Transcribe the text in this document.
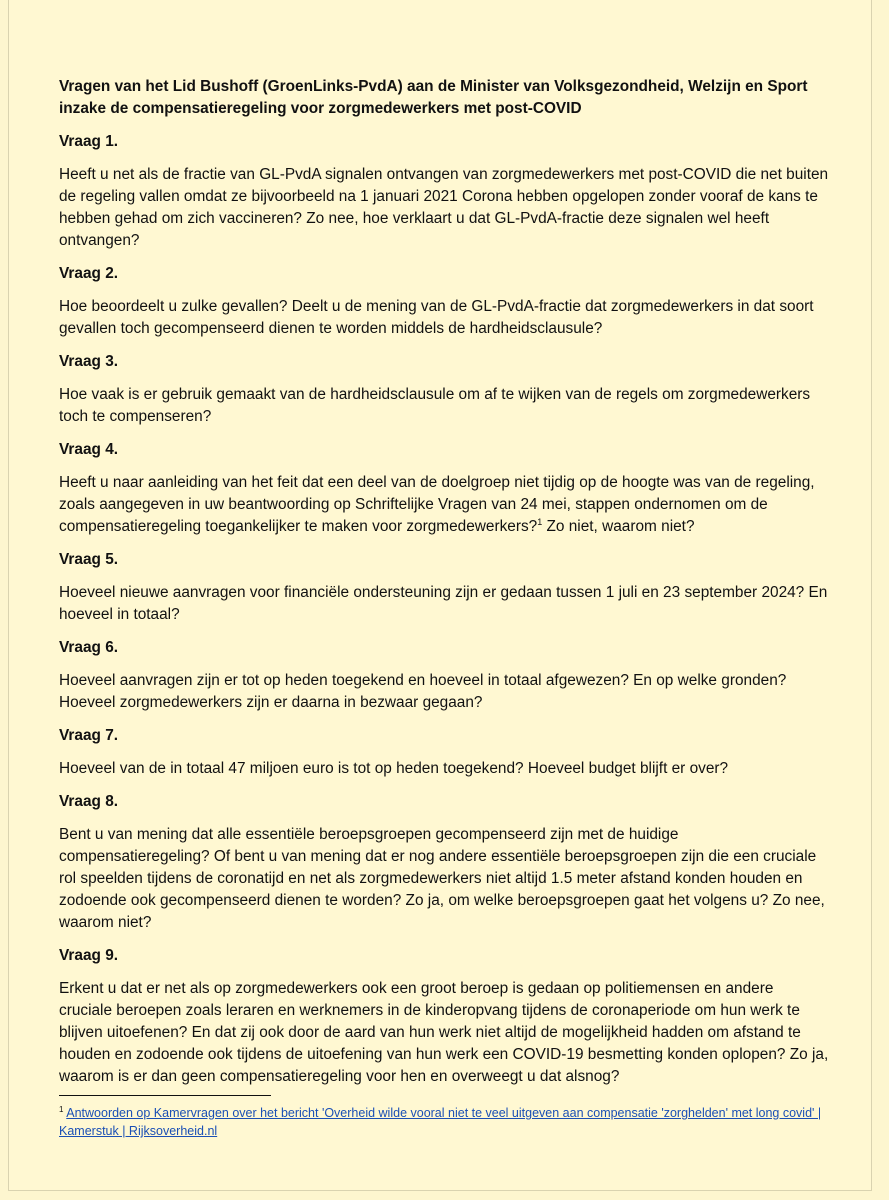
Vragen van het Lid Bushoff (GroenLinks-PvdA) aan de Minister van Volksgezondheid, Welzijn en Sport inzake de compensatieregeling voor zorgmedewerkers met post-COVID

Vraag 1.

Heeft u net als de fractie van GL-PvdA signalen ontvangen van zorgmedewerkers met post-COVID die net buiten de regeling vallen omdat ze bijvoorbeeld na 1 januari 2021 Corona hebben opgelopen zonder vooraf de kans te hebben gehad om zich vaccineren? Zo nee, hoe verklaart u dat GL-PvdA-fractie deze signalen wel heeft ontvangen?

Vraag 2.

Hoe beoordeelt u zulke gevallen? Deelt u de mening van de GL-PvdA-fractie dat zorgmedewerkers in dat soort gevallen toch gecompenseerd dienen te worden middels de hardheidsclausule?

Vraag 3.

Hoe vaak is er gebruik gemaakt van de hardheidsclausule om af te wijken van de regels om zorgmedewerkers toch te compenseren?

Vraag 4.

Heeft u naar aanleiding van het feit dat een deel van de doelgroep niet tijdig op de hoogte was van de regeling, zoals aangegeven in uw beantwoording op Schriftelijke Vragen van 24 mei, stappen ondernomen om de compensatieregeling toegankelijker te maken voor zorgmedewerkers?$^1$ Zo niet, waarom niet?

Vraag 5.

Hoeveel nieuwe aanvragen voor financiële ondersteuning zijn er gedaan tussen 1 juli en 23 september 2024? En hoeveel in totaal?

Vraag 6.

Hoeveel aanvragen zijn er tot op heden toegekend en hoeveel in totaal afgewezen? En op welke gronden? Hoeveel zorgmedewerkers zijn er daarna in bezwaar gegaan?

Vraag 7.

Hoeveel van de in totaal 47 miljoen euro is tot op heden toegekend? Hoeveel budget blijft er over?

Vraag 8.

Bent u van mening dat alle essentiële beroepsgroepen gecompenseerd zijn met de huidige compensatieregeling? Of bent u van mening dat er nog andere essentiële beroepsgroepen zijn die een cruciale rol speelden tijdens de coronatijd en net als zorgmedewerkers niet altijd 1.5 meter afstand konden houden en zodoende ook gecompenseerd dienen te worden? Zo ja, om welke beroepsgroepen gaat het volgens u? Zo nee, waarom niet?

Vraag 9.

Erkent u dat er net als op zorgmedewerkers ook een groot beroep is gedaan op politiemensen en andere cruciale beroepen zoals leraren en werknemers in de kinderopvang tijdens de coronaperiode om hun werk te blijven uitoefenen? En dat zij ook door de aard van hun werk niet altijd de mogelijkheid hadden om afstand te houden en zodoende ook tijdens de uitoefening van hun werk een COVID-19 besmetting konden oplopen? Zo ja, waarom is er dan geen compensatieregeling voor hen en overweegt u dat alsnog?

$^1$ Antwoorden op Kamervragen over het bericht 'Overheid wilde vooral niet te veel uitgeven aan compensatie 'zorghelden' met long covid' | Kamerstuk | Rijksoverheid.nl
